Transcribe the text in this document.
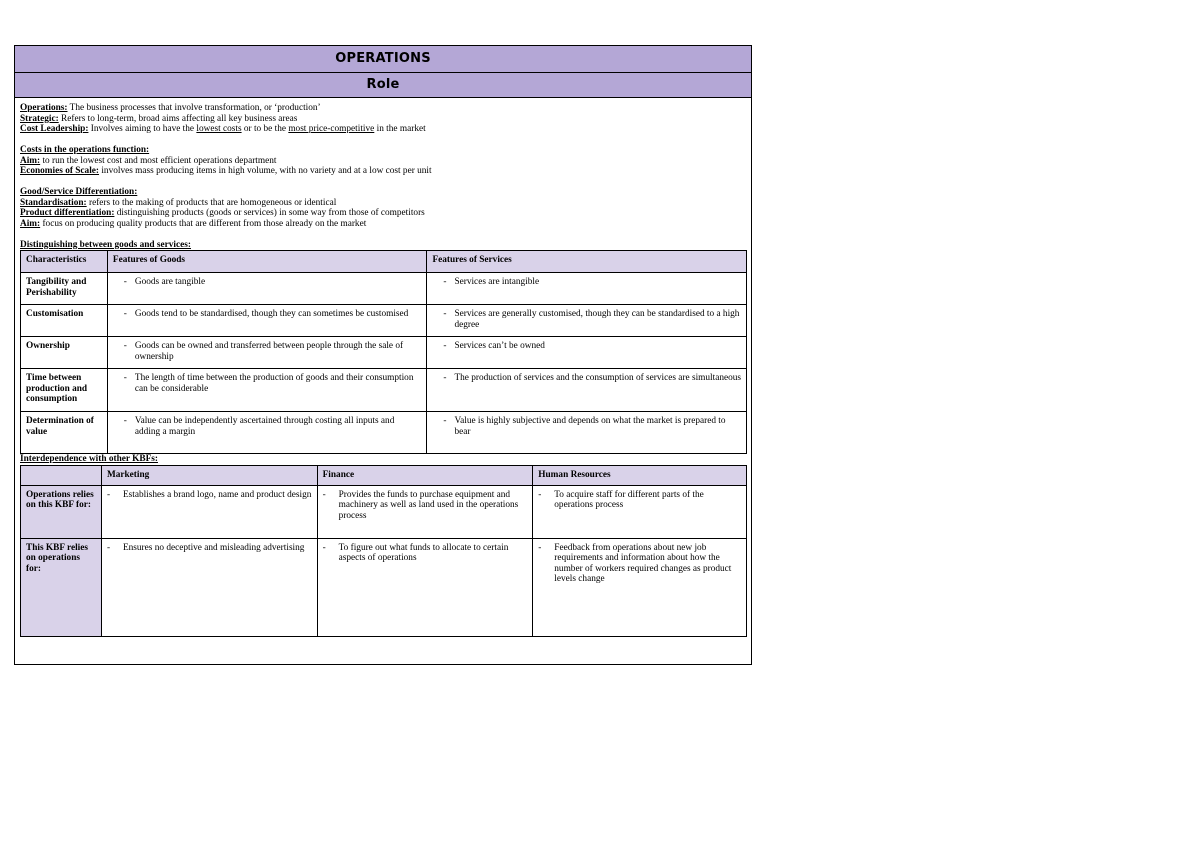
OPERATIONS
Role

Operations: The business processes that involve transformation, or ‘production’

Strategic: Refers to long-term, broad aims affecting all key business areas

Cost Leadership: Involves aiming to have the lowest costs or to be the most price-competitive in the market

Costs in the operations function:

Aim: to run the lowest cost and most efficient operations department

Economies of Scale: involves mass producing items in high volume, with no variety and at a low cost per unit

Good/Service Differentiation:

Standardisation: refers to the making of products that are homogeneous or identical

Product differentiation: distinguishing products (goods or services) in some way from those of competitors

Aim: focus on producing quality products that are different from those already on the market

Distinguishing between goods and services:

Characteristics	Features of Goods	Features of Services
Tangibility and Perishability	- Goods are tangible	- Services are intangible

Customisation	- Goods tend to be standardised, though they can sometimes be customised	- Services are generally customised, though they can be standardised to a high degree

Ownership	- Goods can be owned and transferred between people through the sale of ownership	- Services can’t be owned

Time between production and consumption	- The length of time between the production of goods and their consumption can be considerable	- The production of services and the consumption of services are simultaneous

Determination of value	- Value can be independently ascertained through costing all inputs and adding a margin	- Value is highly subjective and depends on what the market is prepared to bear

Interdependence with other KBFs:

	Marketing	Finance	Human Resources
Operations relies on this KBF for:	- Establishes a brand logo, name and product design	- Provides the funds to purchase equipment and machinery as well as land used in the operations process	- To acquire staff for different parts of the operations process

This KBF relies on operations for:	- Ensures no deceptive and misleading advertising	- To figure out what funds to allocate to certain aspects of operations	- Feedback from operations about new job requirements and information about how the number of workers required changes as product levels change
